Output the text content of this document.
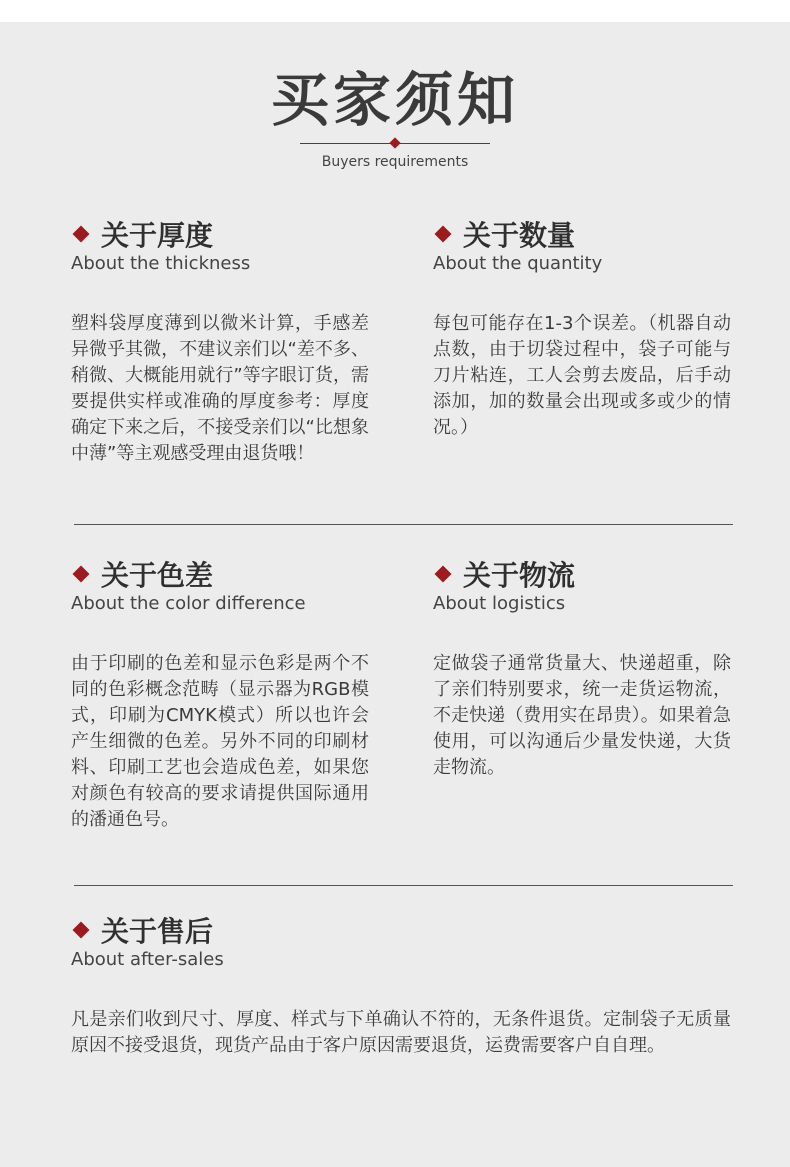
买家须知
Buyers requirements
关于厚度
About the thickness
塑料袋厚度薄到以微米计算，手感差异微乎其微，不建议亲们以“差不多、稍微、大概能用就行”等字眼订货，需要提供实样或准确的厚度参考：厚度确定下来之后，不接受亲们以“比想象中薄”等主观感受理由退货哦！
关于数量
About the quantity
每包可能存在1-3个误差。（机器自动点数，由于切袋过程中，袋子可能与刀片粘连，工人会剪去废品，后手动添加，加的数量会出现或多或少的情况。）
关于色差
About the color difference
由于印刷的色差和显示色彩是两个不同的色彩概念范畴（显示器为RGB模式，印刷为CMYK模式）所以也许会产生细微的色差。另外不同的印刷材料、印刷工艺也会造成色差，如果您对颜色有较高的要求请提供国际通用的潘通色号。
关于物流
About logistics
定做袋子通常货量大、快递超重，除了亲们特别要求，统一走货运物流，不走快递（费用实在昂贵）。如果着急使用，可以沟通后少量发快递，大货走物流。
关于售后
About after-sales
凡是亲们收到尺寸、厚度、样式与下单确认不符的，无条件退货。定制袋子无质量原因不接受退货，现货产品由于客户原因需要退货，运费需要客户自自理。
